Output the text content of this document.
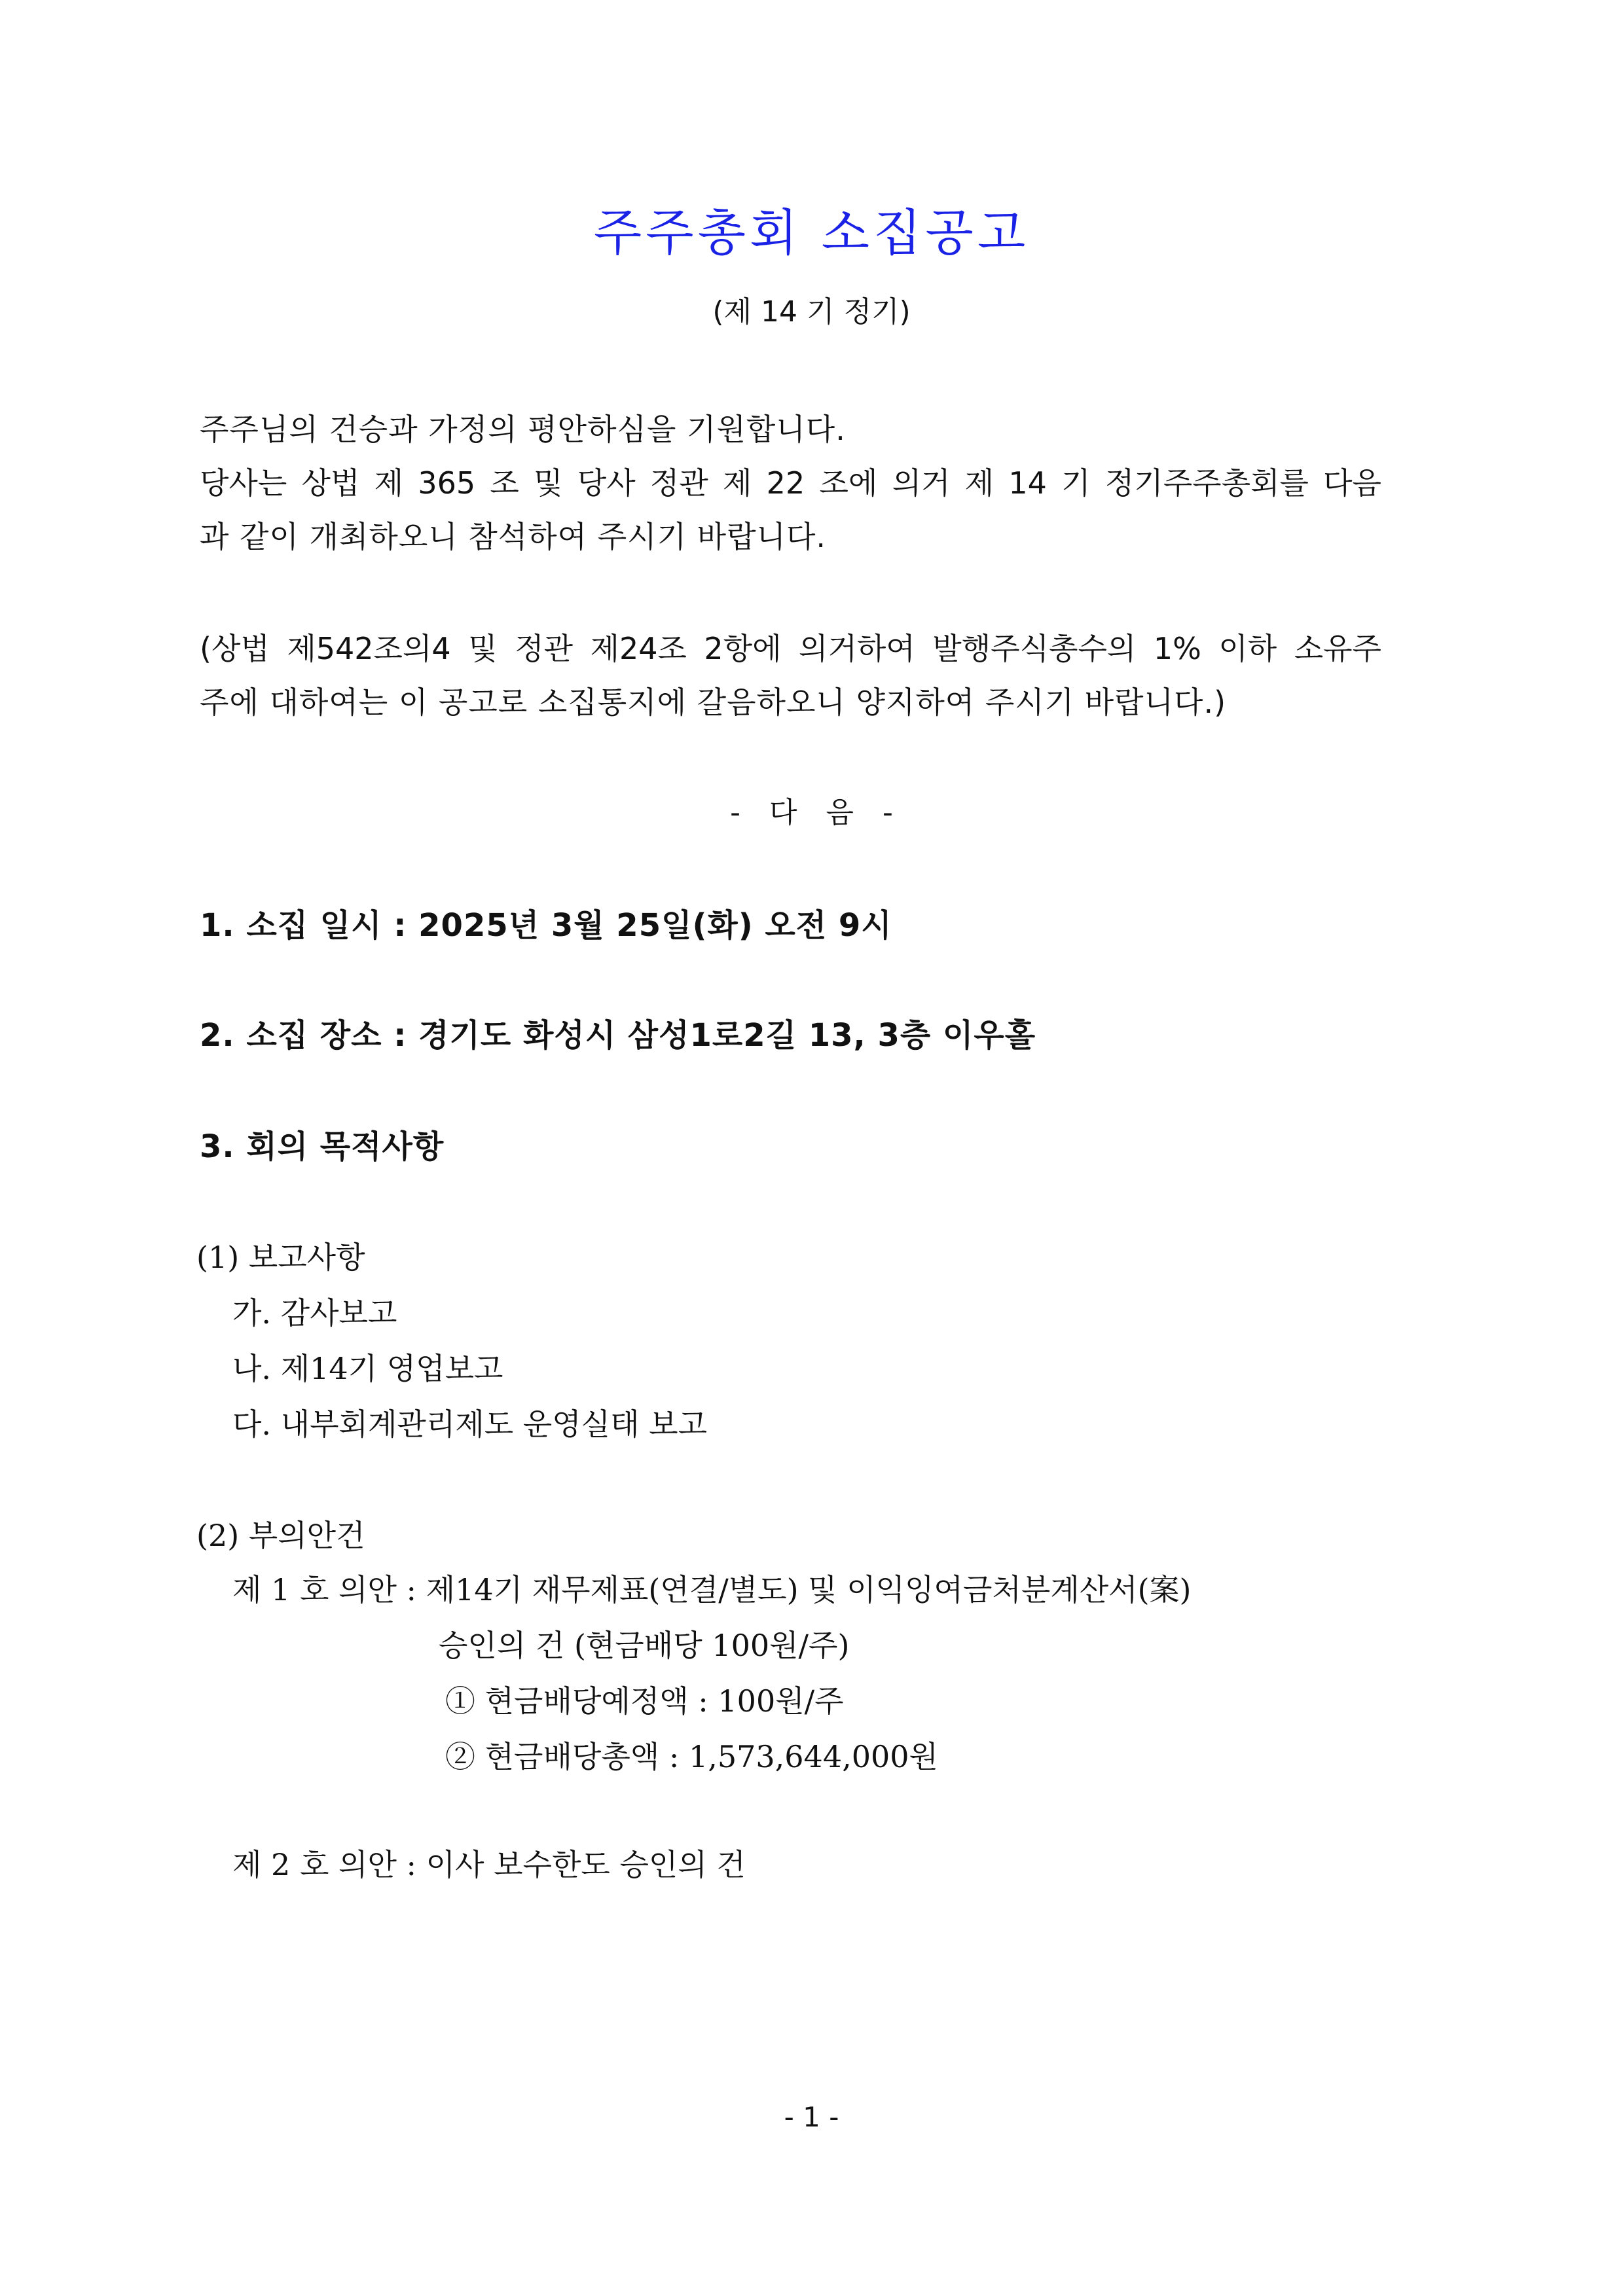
주주총회 소집공고
(제 14 기 정기)
주주님의 건승과 가정의 평안하심을 기원합니다.
당사는 상법 제 365 조 및 당사 정관 제 22 조에 의거 제 14 기 정기주주총회를 다음
과 같이 개최하오니 참석하여 주시기 바랍니다.
(상법 제542조의4 및 정관 제24조 2항에 의거하여 발행주식총수의 1% 이하 소유주
주에 대하여는 이 공고로 소집통지에 갈음하오니 양지하여 주시기 바랍니다.)
- 다 음 -
1. 소집 일시 : 2025년 3월 25일(화) 오전 9시
2. 소집 장소 : 경기도 화성시 삼성1로2길 13, 3층 이우홀
3. 회의 목적사항
(1) 보고사항
가. 감사보고
나. 제14기 영업보고
다. 내부회계관리제도 운영실태 보고
(2) 부의안건
제 1 호 의안 : 제14기 재무제표(연결/별도) 및 이익잉여금처분계산서(案)
승인의 건 (현금배당 100원/주)
① 현금배당예정액 : 100원/주
② 현금배당총액 : 1,573,644,000원
제 2 호 의안 : 이사 보수한도 승인의 건
- 1 -
